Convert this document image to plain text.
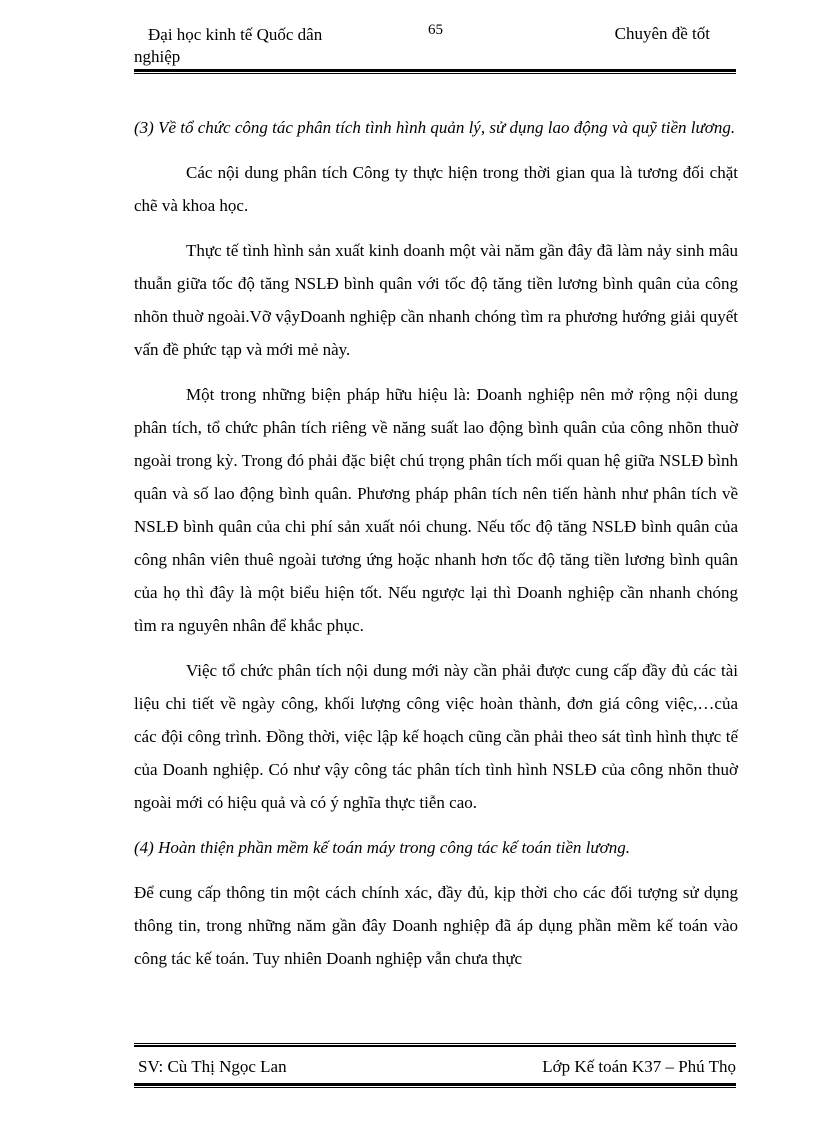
Đại học kinh tế Quốc dân
nghiệp
65	Chuyên đề tốt

(3) Về tổ chức công tác phân tích tình hình quản lý, sử dụng lao động và quỹ tiền lương.

Các nội dung phân tích Công ty thực hiện trong thời gian qua là tương đối chặt chẽ và khoa học.

Thực tế tình hình sản xuất kinh doanh một vài năm gần đây đã làm nảy sinh mâu thuẫn giữa tốc độ tăng NSLĐ bình quân với tốc độ tăng tiền lương bình quân của công nhõn thuờ ngoài.Vỡ vậyDoanh nghiệp cần nhanh chóng tìm ra phương hướng giải quyết vấn đề phức tạp và mới mẻ này.

Một trong những biện pháp hữu hiệu là: Doanh nghiệp nên mở rộng nội dung phân tích, tổ chức phân tích riêng về năng suất lao động bình quân của công nhõn thuờ ngoài trong kỳ. Trong đó phải đặc biệt chú trọng phân tích mối quan hệ giữa NSLĐ bình quân và số lao động bình quân. Phương pháp phân tích nên tiến hành như phân tích về NSLĐ bình quân của chi phí sản xuất nói chung. Nếu tốc độ tăng NSLĐ bình quân của công nhân viên thuê ngoài tương ứng hoặc nhanh hơn tốc độ tăng tiền lương bình quân của họ thì đây là một biểu hiện tốt. Nếu ngược lại thì Doanh nghiệp cần nhanh chóng tìm ra nguyên nhân để khắc phục.

Việc tổ chức phân tích nội dung mới này cần phải được cung cấp đầy đủ các tài liệu chi tiết về ngày công, khối lượng công việc hoàn thành, đơn giá công việc,…của các đội công trình. Đồng thời, việc lập kế hoạch cũng cần phải theo sát tình hình thực tế của Doanh nghiệp. Có như vậy công tác phân tích tình hình NSLĐ của công nhõn thuờ ngoài mới có hiệu quả và có ý nghĩa thực tiễn cao.

(4) Hoàn thiện phần mềm kế toán máy trong công tác kế toán tiền lương.

Để cung cấp thông tin một cách chính xác, đầy đủ, kịp thời cho các đối tượng sử dụng thông tin, trong những năm gần đây Doanh nghiệp đã áp dụng phần mềm kế toán vào công tác kế toán. Tuy nhiên Doanh nghiệp vẫn chưa thực

SV: Cù Thị Ngọc Lan	Lớp Kế toán K37 – Phú Thọ
